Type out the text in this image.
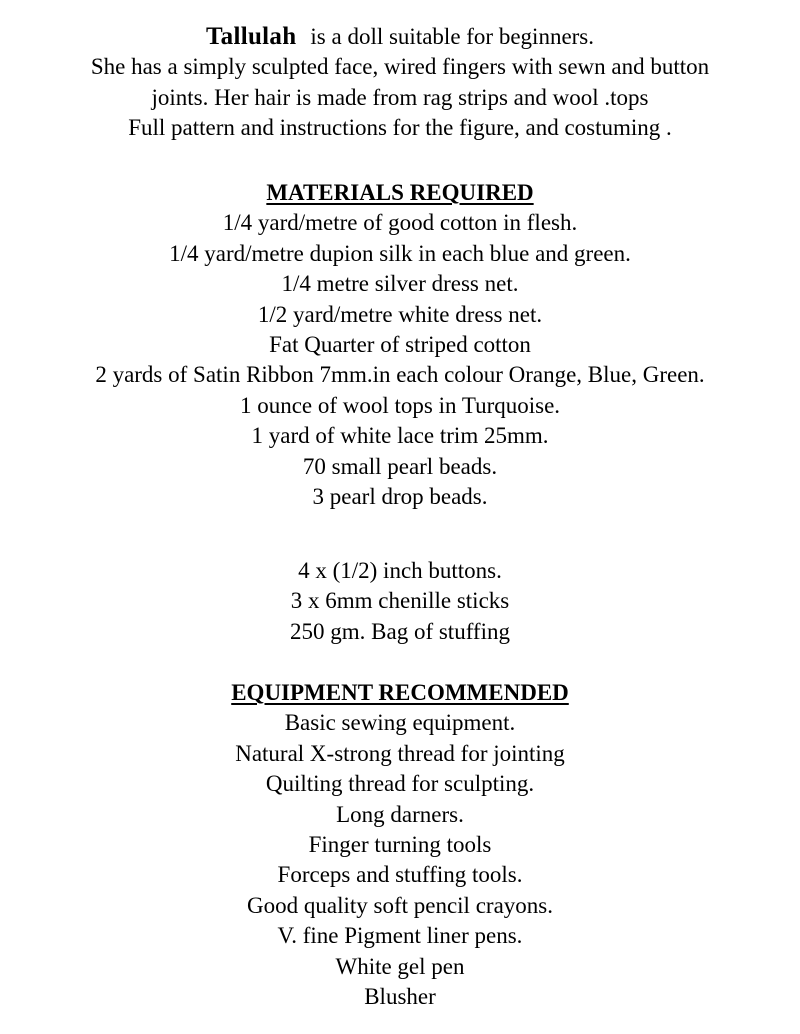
Tallulah is a doll suitable for beginners.
She has a simply sculpted face, wired fingers with sewn and button
joints. Her hair is made from rag strips and wool .tops
Full pattern and instructions for the figure, and costuming .
MATERIALS REQUIRED
1/4 yard/metre of good cotton in flesh.
1/4 yard/metre dupion silk in each blue and green.
1/4 metre silver dress net.
1/2 yard/metre white dress net.
Fat Quarter of striped cotton
2 yards of Satin Ribbon 7mm.in each colour Orange, Blue, Green.
1 ounce of wool tops in Turquoise.
1 yard of white lace trim 25mm.
70 small pearl beads.
3 pearl drop beads.
4 x (1/2) inch buttons.
3 x 6mm chenille sticks
250 gm. Bag of stuffing
EQUIPMENT RECOMMENDED
Basic sewing equipment.
Natural X-strong thread for jointing
Quilting thread for sculpting.
Long darners.
Finger turning tools
Forceps and stuffing tools.
Good quality soft pencil crayons.
V. fine Pigment liner pens.
White gel pen
Blusher
